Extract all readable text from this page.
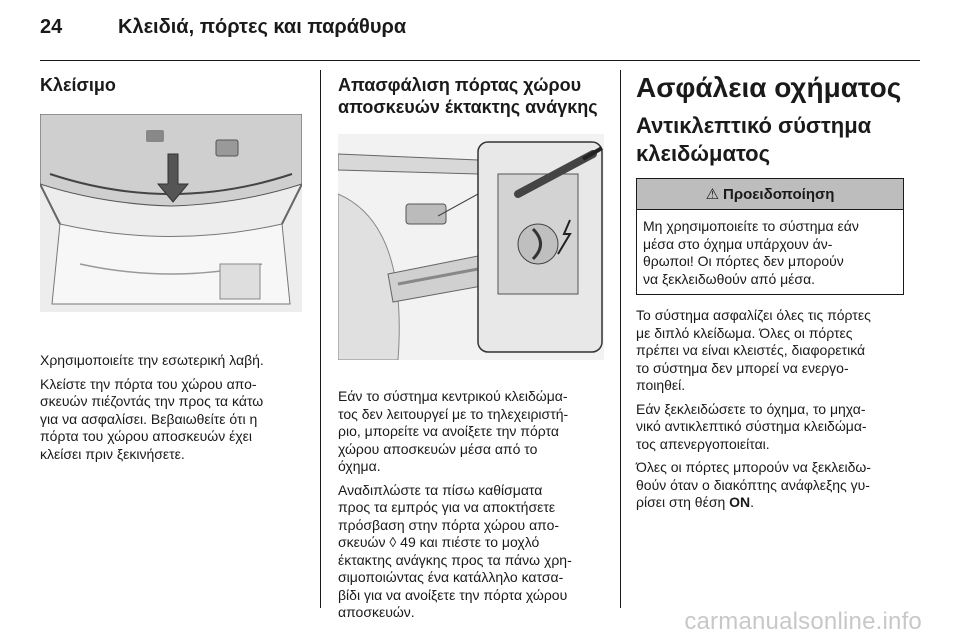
24	Κλειδιά, πόρτες και παράθυρα
Κλείσιμο

Χρησιμοποιείτε την εσωτερική λαβή.

Κλείστε την πόρτα του χώρου απο-
σκευών πιέζοντάς την προς τα κάτω
για να ασφαλίσει. Βεβαιωθείτε ότι η
πόρτα του χώρου αποσκευών έχει
κλείσει πριν ξεκινήσετε.

Απασφάλιση πόρτας χώρου
αποσκευών έκτακτης ανάγκης

Εάν το σύστημα κεντρικού κλειδώμα-
τος δεν λειτουργεί με το τηλεχειριστή-
ριο, μπορείτε να ανοίξετε την πόρτα
χώρου αποσκευών μέσα από το
όχημα.

Αναδιπλώστε τα πίσω καθίσματα
προς τα εμπρός για να αποκτήσετε
πρόσβαση στην πόρτα χώρου απο-
σκευών ◊ 49 και πιέστε το μοχλό
έκτακτης ανάγκης προς τα πάνω χρη-
σιμοποιώντας ένα κατάλληλο κατσα-
βίδι για να ανοίξετε την πόρτα χώρου
αποσκευών.

Ασφάλεια οχήματος
Αντικλεπτικό σύστημα
κλειδώματος
⚠ Προειδοποίηση
Μη χρησιμοποιείτε το σύστημα εάν
μέσα στο όχημα υπάρχουν άν-
θρωποι! Οι πόρτες δεν μπορούν
να ξεκλειδωθούν από μέσα.

Το σύστημα ασφαλίζει όλες τις πόρτες
με διπλό κλείδωμα. Όλες οι πόρτες
πρέπει να είναι κλειστές, διαφορετικά
το σύστημα δεν μπορεί να ενεργο-
ποιηθεί.

Εάν ξεκλειδώσετε το όχημα, το μηχα-
νικό αντικλεπτικό σύστημα κλειδώμα-
τος απενεργοποιείται.

Όλες οι πόρτες μπορούν να ξεκλειδω-
θούν όταν ο διακόπτης ανάφλεξης γυ-
ρίσει στη θέση ON.

carmanualsonline.info
